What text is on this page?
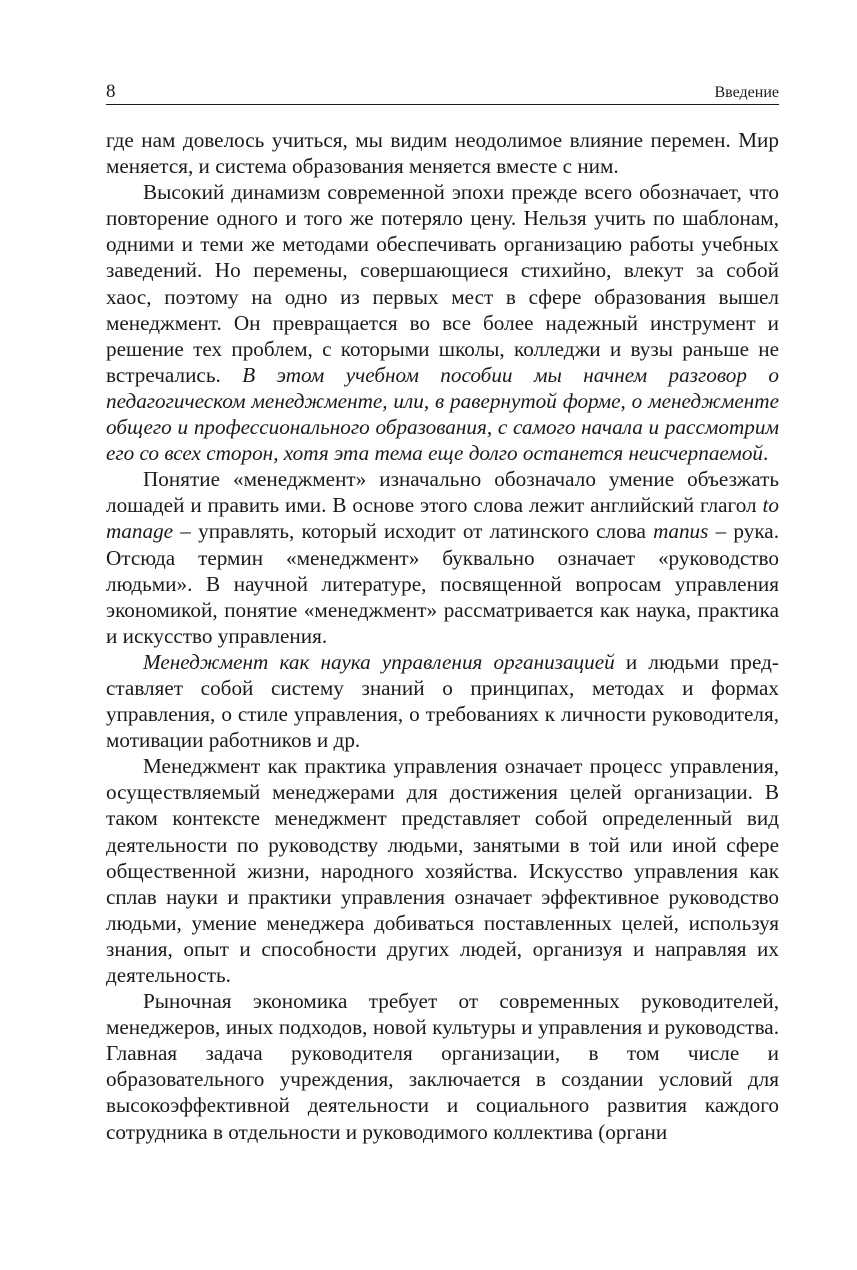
8	Введение

где нам довелось учиться, мы видим неодолимое влияние перемен. Мир меняется, и система образования меняется вместе с ним.

Высокий динамизм современной эпохи прежде всего обозначает, что повторение одного и того же потеряло цену. Нельзя учить по шаблонам, одними и теми же методами обеспечивать организацию работы учебных заведений. Но перемены, совершающиеся стихийно, влекут за собой хаос, поэтому на одно из первых мест в сфере образования вышел менеджмент. Он превращается во все более надежный инструмент и решение тех проблем, с которыми школы, колледжи и вузы раньше не встречались. В этом учебном пособии мы начнем разговор о педагогическом менеджменте, или, в равернутой форме, о менеджменте общего и профессионального образования, с самого начала и рассмотрим его со всех сторон, хотя эта тема еще долго останется неисчерпаемой.

Понятие «менеджмент» изначально обозначало умение объезжать лошадей и править ими. В основе этого слова лежит английский глагол to manage – управлять, который исходит от латинского слова manus – рука. Отсюда термин «менеджмент» буквально означает «руководство людьми». В научной литературе, посвященной вопросам управления экономикой, понятие «менеджмент» рассматривается как наука, практика и искусство управления.

Менеджмент как наука управления организацией и людьми представляет собой систему знаний о принципах, методах и формах управления, о стиле управления, о требованиях к личности руководителя, мотивации работников и др.

Менеджмент как практика управления означает процесс управления, осуществляемый менеджерами для достижения целей организации. В таком контексте менеджмент представляет собой определенный вид деятельности по руководству людьми, занятыми в той или иной сфере общественной жизни, народного хозяйства. Искусство управления как сплав науки и практики управления означает эффективное руководство людьми, умение менеджера добиваться поставленных целей, используя знания, опыт и способности других людей, организуя и направляя их деятельность.

Рыночная экономика требует от современных руководителей, менеджеров, иных подходов, новой культуры и управления и руководства. Главная задача руководителя организации, в том числе и образовательного учреждения, заключается в создании условий для высокоэффективной деятельности и социального развития каждого сотрудника в отдельности и руководимого коллектива (органи
